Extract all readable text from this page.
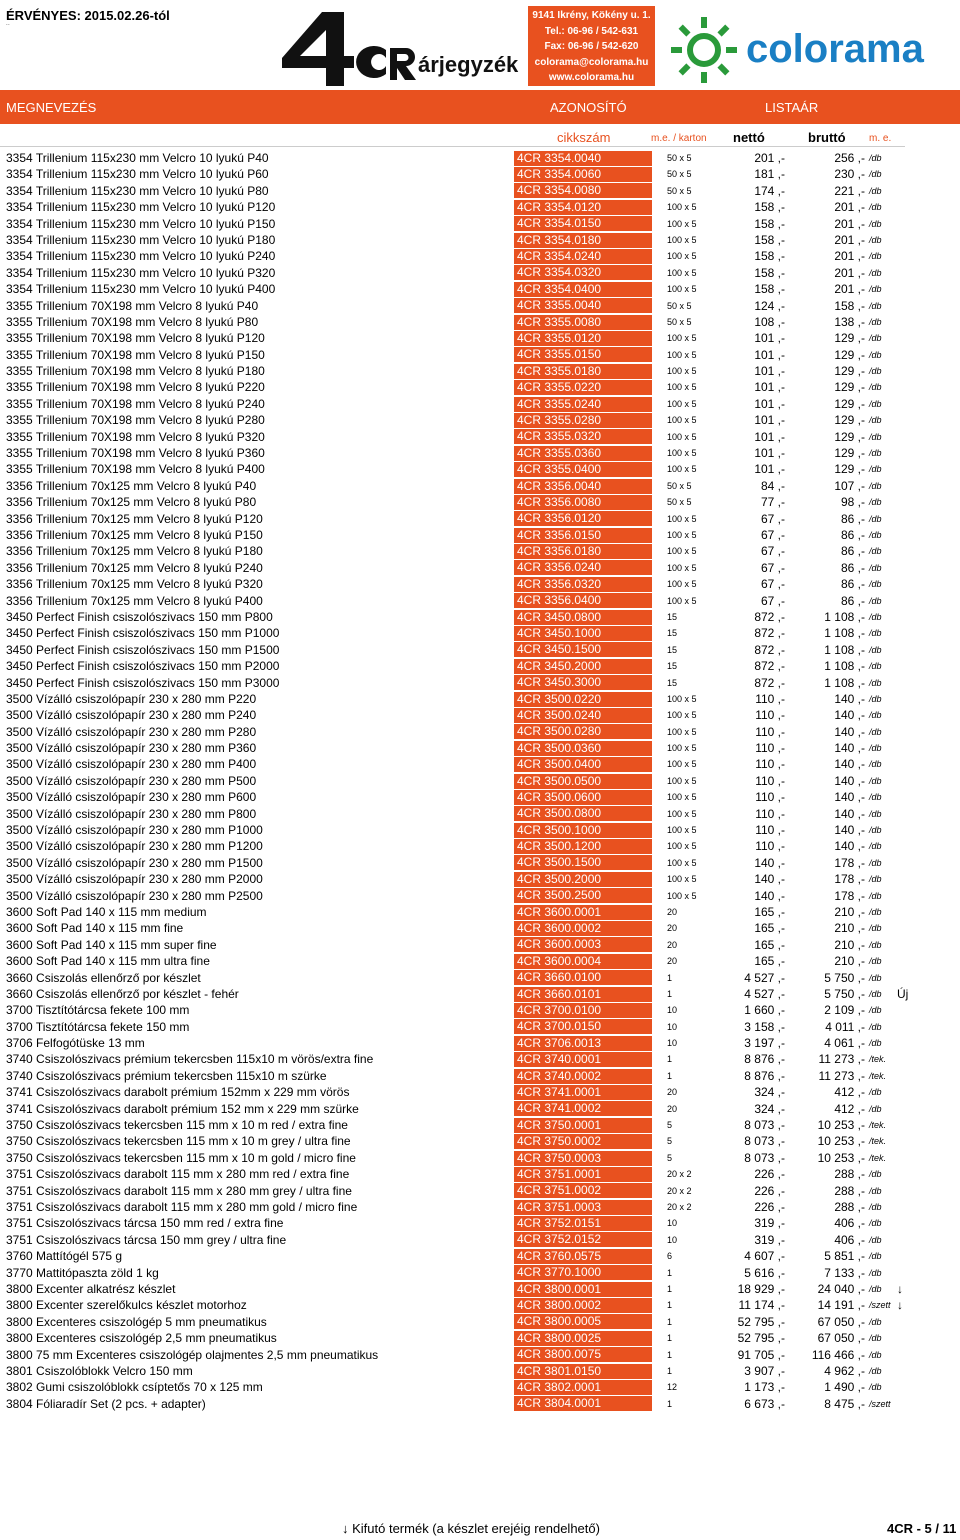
ÉRVÉNYES: 2015.02.26-tól
´´
árjegyzék
9141 Ikrény, Kökény u. 1.
Tel.: 06-96 / 542-631
Fax: 06-96 / 542-620
colorama@colorama.hu
www.colorama.hu
colorama
MEGNEVEZÉS	AZONOSÍTÓ	LISTAÁR
cikkszám	m.e. / karton nettó	bruttó m. e.
3354 Trillenium 115x230 mm Velcro 10 lyukú P40	4CR 3354.0040	50 x 5	201 ,-	256 ,- /db
3354 Trillenium 115x230 mm Velcro 10 lyukú P60	4CR 3354.0060	50 x 5	181 ,-	230 ,- /db
3354 Trillenium 115x230 mm Velcro 10 lyukú P80	4CR 3354.0080	50 x 5	174 ,-	221 ,- /db
3354 Trillenium 115x230 mm Velcro 10 lyukú P120	4CR 3354.0120	100 x 5	158 ,-	201 ,- /db
3354 Trillenium 115x230 mm Velcro 10 lyukú P150	4CR 3354.0150	100 x 5	158 ,-	201 ,- /db
3354 Trillenium 115x230 mm Velcro 10 lyukú P180	4CR 3354.0180	100 x 5	158 ,-	201 ,- /db
3354 Trillenium 115x230 mm Velcro 10 lyukú P240	4CR 3354.0240	100 x 5	158 ,-	201 ,- /db
3354 Trillenium 115x230 mm Velcro 10 lyukú P320	4CR 3354.0320	100 x 5	158 ,-	201 ,- /db
3354 Trillenium 115x230 mm Velcro 10 lyukú P400	4CR 3354.0400	100 x 5	158 ,-	201 ,- /db
3355 Trillenium 70X198 mm Velcro 8 lyukú P40	4CR 3355.0040	50 x 5	124 ,-	158 ,- /db
3355 Trillenium 70X198 mm Velcro 8 lyukú P80	4CR 3355.0080	50 x 5	108 ,-	138 ,- /db
3355 Trillenium 70X198 mm Velcro 8 lyukú P120	4CR 3355.0120	100 x 5	101 ,-	129 ,- /db
3355 Trillenium 70X198 mm Velcro 8 lyukú P150	4CR 3355.0150	100 x 5	101 ,-	129 ,- /db
3355 Trillenium 70X198 mm Velcro 8 lyukú P180	4CR 3355.0180	100 x 5	101 ,-	129 ,- /db
3355 Trillenium 70X198 mm Velcro 8 lyukú P220	4CR 3355.0220	100 x 5	101 ,-	129 ,- /db
3355 Trillenium 70X198 mm Velcro 8 lyukú P240	4CR 3355.0240	100 x 5	101 ,-	129 ,- /db
3355 Trillenium 70X198 mm Velcro 8 lyukú P280	4CR 3355.0280	100 x 5	101 ,-	129 ,- /db
3355 Trillenium 70X198 mm Velcro 8 lyukú P320	4CR 3355.0320	100 x 5	101 ,-	129 ,- /db
3355 Trillenium 70X198 mm Velcro 8 lyukú P360	4CR 3355.0360	100 x 5	101 ,-	129 ,- /db
3355 Trillenium 70X198 mm Velcro 8 lyukú P400	4CR 3355.0400	100 x 5	101 ,-	129 ,- /db
3356 Trillenium 70x125 mm Velcro 8 lyukú P40	4CR 3356.0040	50 x 5	84 ,-	107 ,- /db
3356 Trillenium 70x125 mm Velcro 8 lyukú P80	4CR 3356.0080	50 x 5	77 ,-	98 ,- /db
3356 Trillenium 70x125 mm Velcro 8 lyukú P120	4CR 3356.0120	100 x 5	67 ,-	86 ,- /db
3356 Trillenium 70x125 mm Velcro 8 lyukú P150	4CR 3356.0150	100 x 5	67 ,-	86 ,- /db
3356 Trillenium 70x125 mm Velcro 8 lyukú P180	4CR 3356.0180	100 x 5	67 ,-	86 ,- /db
3356 Trillenium 70x125 mm Velcro 8 lyukú P240	4CR 3356.0240	100 x 5	67 ,-	86 ,- /db
3356 Trillenium 70x125 mm Velcro 8 lyukú P320	4CR 3356.0320	100 x 5	67 ,-	86 ,- /db
3356 Trillenium 70x125 mm Velcro 8 lyukú P400	4CR 3356.0400	100 x 5	67 ,-	86 ,- /db
3450 Perfect Finish csiszolószivacs 150 mm P800	4CR 3450.0800	15	872 ,-	1 108 ,- /db
3450 Perfect Finish csiszolószivacs 150 mm P1000	4CR 3450.1000	15	872 ,-	1 108 ,- /db
3450 Perfect Finish csiszolószivacs 150 mm P1500	4CR 3450.1500	15	872 ,-	1 108 ,- /db
3450 Perfect Finish csiszolószivacs 150 mm P2000	4CR 3450.2000	15	872 ,-	1 108 ,- /db
3450 Perfect Finish csiszolószivacs 150 mm P3000	4CR 3450.3000	15	872 ,-	1 108 ,- /db
3500 Vízálló csiszolópapír 230 x 280 mm P220	4CR 3500.0220	100 x 5	110 ,-	140 ,- /db
3500 Vízálló csiszolópapír 230 x 280 mm P240	4CR 3500.0240	100 x 5	110 ,-	140 ,- /db
3500 Vízálló csiszolópapír 230 x 280 mm P280	4CR 3500.0280	100 x 5	110 ,-	140 ,- /db
3500 Vízálló csiszolópapír 230 x 280 mm P360	4CR 3500.0360	100 x 5	110 ,-	140 ,- /db
3500 Vízálló csiszolópapír 230 x 280 mm P400	4CR 3500.0400	100 x 5	110 ,-	140 ,- /db
3500 Vízálló csiszolópapír 230 x 280 mm P500	4CR 3500.0500	100 x 5	110 ,-	140 ,- /db
3500 Vízálló csiszolópapír 230 x 280 mm P600	4CR 3500.0600	100 x 5	110 ,-	140 ,- /db
3500 Vízálló csiszolópapír 230 x 280 mm P800	4CR 3500.0800	100 x 5	110 ,-	140 ,- /db
3500 Vízálló csiszolópapír 230 x 280 mm P1000	4CR 3500.1000	100 x 5	110 ,-	140 ,- /db
3500 Vízálló csiszolópapír 230 x 280 mm P1200	4CR 3500.1200	100 x 5	110 ,-	140 ,- /db
3500 Vízálló csiszolópapír 230 x 280 mm P1500	4CR 3500.1500	100 x 5	140 ,-	178 ,- /db
3500 Vízálló csiszolópapír 230 x 280 mm P2000	4CR 3500.2000	100 x 5	140 ,-	178 ,- /db
3500 Vízálló csiszolópapír 230 x 280 mm P2500	4CR 3500.2500	100 x 5	140 ,-	178 ,- /db
3600 Soft Pad 140 x 115 mm medium	4CR 3600.0001	20	165 ,-	210 ,- /db
3600 Soft Pad 140 x 115 mm fine	4CR 3600.0002	20	165 ,-	210 ,- /db
3600 Soft Pad 140 x 115 mm super fine	4CR 3600.0003	20	165 ,-	210 ,- /db
3600 Soft Pad 140 x 115 mm ultra fine	4CR 3600.0004	20	165 ,-	210 ,- /db
3660 Csiszolás ellenőrző por készlet	4CR 3660.0100	1	4 527 ,-	5 750 ,- /db
3660 Csiszolás ellenőrző por készlet - fehér	4CR 3660.0101	1	4 527 ,-	5 750 ,- /db Új
3700 Tisztítótárcsa fekete 100 mm	4CR 3700.0100	10	1 660 ,-	2 109 ,- /db
3700 Tisztítótárcsa fekete 150 mm	4CR 3700.0150	10	3 158 ,-	4 011 ,- /db
3706 Felfogótüske 13 mm	4CR 3706.0013	10	3 197 ,-	4 061 ,- /db
3740 Csiszolószivacs prémium tekercsben 115x10 m vörös/extra fine	4CR 3740.0001	1	8 876 ,-	11 273 ,- /tek.
3740 Csiszolószivacs prémium tekercsben 115x10 m szürke	4CR 3740.0002	1	8 876 ,-	11 273 ,- /tek.
3741 Csiszolószivacs darabolt prémium 152mm x 229 mm vörös	4CR 3741.0001	20	324 ,-	412 ,- /db
3741 Csiszolószivacs darabolt prémium 152 mm x 229 mm szürke	4CR 3741.0002	20	324 ,-	412 ,- /db
3750 Csiszolószivacs tekercsben 115 mm x 10 m red / extra fine	4CR 3750.0001	5	8 073 ,-	10 253 ,- /tek.
3750 Csiszolószivacs tekercsben 115 mm x 10 m grey / ultra fine	4CR 3750.0002	5	8 073 ,-	10 253 ,- /tek.
3750 Csiszolószivacs tekercsben 115 mm x 10 m gold / micro fine	4CR 3750.0003	5	8 073 ,-	10 253 ,- /tek.
3751 Csiszolószivacs darabolt 115 mm x 280 mm red / extra fine	4CR 3751.0001	20 x 2	226 ,-	288 ,- /db
3751 Csiszolószivacs darabolt 115 mm x 280 mm grey / ultra fine	4CR 3751.0002	20 x 2	226 ,-	288 ,- /db
3751 Csiszolószivacs darabolt 115 mm x 280 mm gold / micro fine	4CR 3751.0003	20 x 2	226 ,-	288 ,- /db
3751 Csiszolószivacs tárcsa 150 mm red / extra fine	4CR 3752.0151	10	319 ,-	406 ,- /db
3751 Csiszolószivacs tárcsa 150 mm grey / ultra fine	4CR 3752.0152	10	319 ,-	406 ,- /db
3760 Mattítógél 575 g	4CR 3760.0575	6	4 607 ,-	5 851 ,- /db
3770 Mattitópaszta zöld 1 kg	4CR 3770.1000	1	5 616 ,-	7 133 ,- /db
3800 Excenter alkatrész készlet	4CR 3800.0001	1	18 929 ,-	24 040 ,- /db ↓
3800 Excenter szerelőkulcs készlet motorhoz	4CR 3800.0002	1	11 174 ,-	14 191 ,- /szett ↓
3800 Excenteres csiszológép 5 mm pneumatikus	4CR 3800.0005	1	52 795 ,-	67 050 ,- /db
3800 Excenteres csiszológép 2,5 mm pneumatikus	4CR 3800.0025	1	52 795 ,-	67 050 ,- /db
3800 75 mm Excenteres csiszológép olajmentes 2,5 mm pneumatikus	4CR 3800.0075	1	91 705 ,-	116 466 ,- /db
3801 Csiszolóblokk Velcro 150 mm	4CR 3801.0150	1	3 907 ,-	4 962 ,- /db
3802 Gumi csiszolóblokk csíptetős 70 x 125 mm	4CR 3802.0001	12	1 173 ,-	1 490 ,- /db
3804 Fóliaradír Set (2 pcs. + adapter)	4CR 3804.0001	1	6 673 ,-	8 475 ,- /szett
↓ Kifutó termék (a készlet erejéig rendelhető)	4CR - 5 / 11
